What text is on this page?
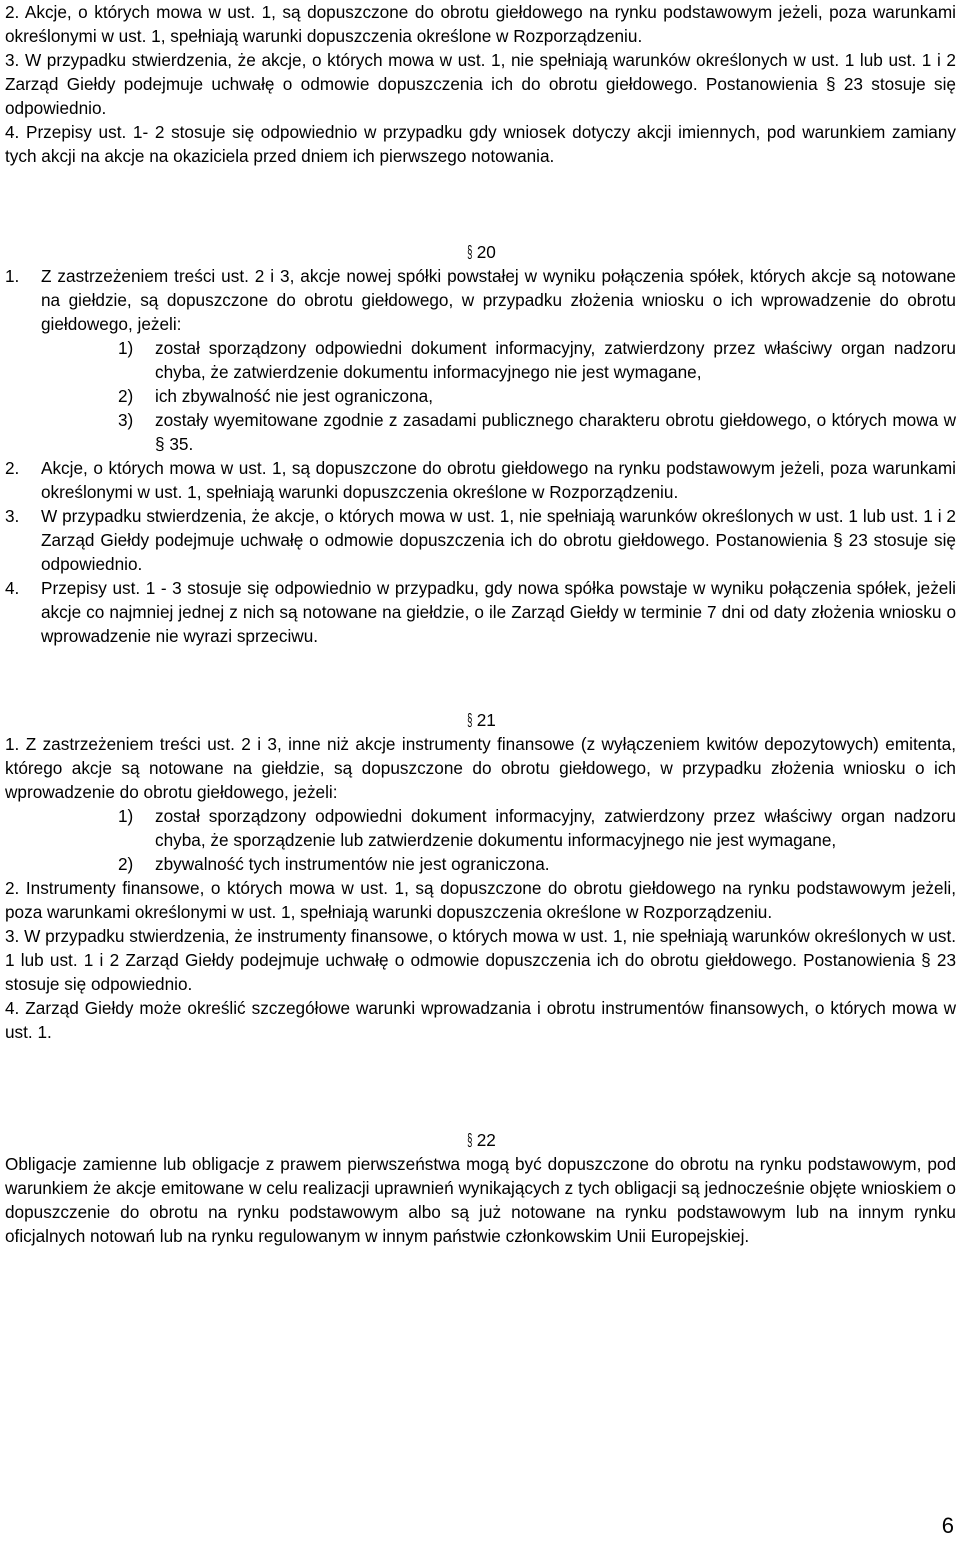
2. Akcje, o których mowa w ust. 1, są dopuszczone do obrotu giełdowego na rynku podstawowym jeżeli, poza warunkami określonymi w ust. 1, spełniają warunki dopuszczenia określone w Rozporządzeniu.

3. W przypadku stwierdzenia, że akcje, o których mowa w ust. 1, nie spełniają warunków określonych w ust. 1 lub ust. 1 i 2 Zarząd Giełdy podejmuje uchwałę o odmowie dopuszczenia ich do obrotu giełdowego. Postanowienia § 23 stosuje się odpowiednio.

4. Przepisy ust. 1- 2 stosuje się odpowiednio w przypadku gdy wniosek dotyczy akcji imiennych, pod warunkiem zamiany tych akcji na akcje na okaziciela przed dniem ich pierwszego notowania.

§ 20
1.	Z zastrzeżeniem treści ust. 2 i 3, akcje nowej spółki powstałej w wyniku połączenia spółek, których akcje są notowane na giełdzie, są dopuszczone do obrotu giełdowego, w przypadku złożenia wniosku o ich wprowadzenie do obrotu giełdowego, jeżeli:
1)	został sporządzony odpowiedni dokument informacyjny, zatwierdzony przez właściwy organ nadzoru chyba, że zatwierdzenie dokumentu informacyjnego nie jest wymagane,
2)	ich zbywalność nie jest ograniczona,
3)	zostały wyemitowane zgodnie z zasadami publicznego charakteru obrotu giełdowego, o których mowa w § 35.
2.	Akcje, o których mowa w ust. 1, są dopuszczone do obrotu giełdowego na rynku podstawowym jeżeli, poza warunkami określonymi w ust. 1, spełniają warunki dopuszczenia określone w Rozporządzeniu.
3.	W przypadku stwierdzenia, że akcje, o których mowa w ust. 1, nie spełniają warunków określonych w ust. 1 lub ust. 1 i 2 Zarząd Giełdy podejmuje uchwałę o odmowie dopuszczenia ich do obrotu giełdowego. Postanowienia § 23 stosuje się odpowiednio.
4.	Przepisy ust. 1 - 3 stosuje się odpowiednio w przypadku, gdy nowa spółka powstaje w wyniku połączenia spółek, jeżeli akcje co najmniej jednej z nich są notowane na giełdzie, o ile Zarząd Giełdy w terminie 7 dni od daty złożenia wniosku o wprowadzenie nie wyrazi sprzeciwu.
§ 21

1. Z zastrzeżeniem treści ust. 2 i 3, inne niż akcje instrumenty finansowe (z wyłączeniem kwitów depozytowych) emitenta, którego akcje są notowane na giełdzie, są dopuszczone do obrotu giełdowego, w przypadku złożenia wniosku o ich wprowadzenie do obrotu giełdowego, jeżeli:

1)	został sporządzony odpowiedni dokument informacyjny, zatwierdzony przez właściwy organ nadzoru chyba, że sporządzenie lub zatwierdzenie dokumentu informacyjnego nie jest wymagane,
2)	zbywalność tych instrumentów nie jest ograniczona.

2. Instrumenty finansowe, o których mowa w ust. 1, są dopuszczone do obrotu giełdowego na rynku podstawowym jeżeli, poza warunkami określonymi w ust. 1, spełniają warunki dopuszczenia określone w Rozporządzeniu.

3. W przypadku stwierdzenia, że instrumenty finansowe, o których mowa w ust. 1, nie spełniają warunków określonych w ust. 1 lub ust. 1 i 2 Zarząd Giełdy podejmuje uchwałę o odmowie dopuszczenia ich do obrotu giełdowego. Postanowienia § 23 stosuje się odpowiednio.

4. Zarząd Giełdy może określić szczegółowe warunki wprowadzania i obrotu instrumentów finansowych, o których mowa w ust. 1.

§ 22

Obligacje zamienne lub obligacje z prawem pierwszeństwa mogą być dopuszczone do obrotu na rynku podstawowym, pod warunkiem że akcje emitowane w celu realizacji uprawnień wynikających z tych obligacji są jednocześnie objęte wnioskiem o dopuszczenie do obrotu na rynku podstawowym albo są już notowane na rynku podstawowym lub na innym rynku oficjalnych notowań lub na rynku regulowanym w innym państwie członkowskim Unii Europejskiej.

6
